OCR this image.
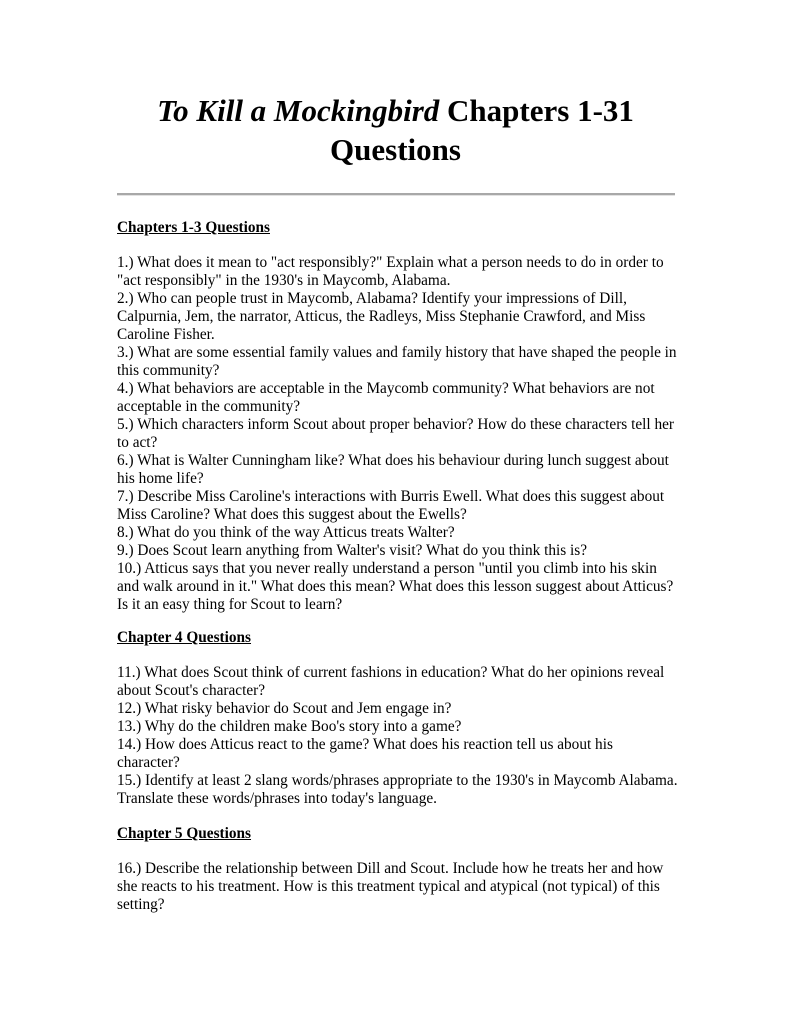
To Kill a Mockingbird Chapters 1-31 Questions
Chapters 1-3 Questions
1.) What does it mean to "act responsibly?" Explain what a person needs to do in order to "act responsibly" in the 1930's in Maycomb, Alabama.
2.) Who can people trust in Maycomb, Alabama? Identify your impressions of Dill, Calpurnia, Jem, the narrator, Atticus, the Radleys, Miss Stephanie Crawford, and Miss Caroline Fisher.
3.) What are some essential family values and family history that have shaped the people in this community?
4.) What behaviors are acceptable in the Maycomb community? What behaviors are not acceptable in the community?
5.) Which characters inform Scout about proper behavior? How do these characters tell her to act?
6.) What is Walter Cunningham like? What does his behaviour during lunch suggest about his home life?
7.) Describe Miss Caroline's interactions with Burris Ewell. What does this suggest about Miss Caroline? What does this suggest about the Ewells?
8.) What do you think of the way Atticus treats Walter?
9.) Does Scout learn anything from Walter's visit? What do you think this is?
10.) Atticus says that you never really understand a person "until you climb into his skin and walk around in it." What does this mean? What does this lesson suggest about Atticus? Is it an easy thing for Scout to learn?
Chapter 4 Questions
11.) What does Scout think of current fashions in education? What do her opinions reveal about Scout's character?
12.) What risky behavior do Scout and Jem engage in?
13.) Why do the children make Boo's story into a game?
14.) How does Atticus react to the game? What does his reaction tell us about his character?
15.) Identify at least 2 slang words/phrases appropriate to the 1930's in Maycomb Alabama. Translate these words/phrases into today's language.
Chapter 5 Questions
16.) Describe the relationship between Dill and Scout. Include how he treats her and how she reacts to his treatment. How is this treatment typical and atypical (not typical) of this setting?
